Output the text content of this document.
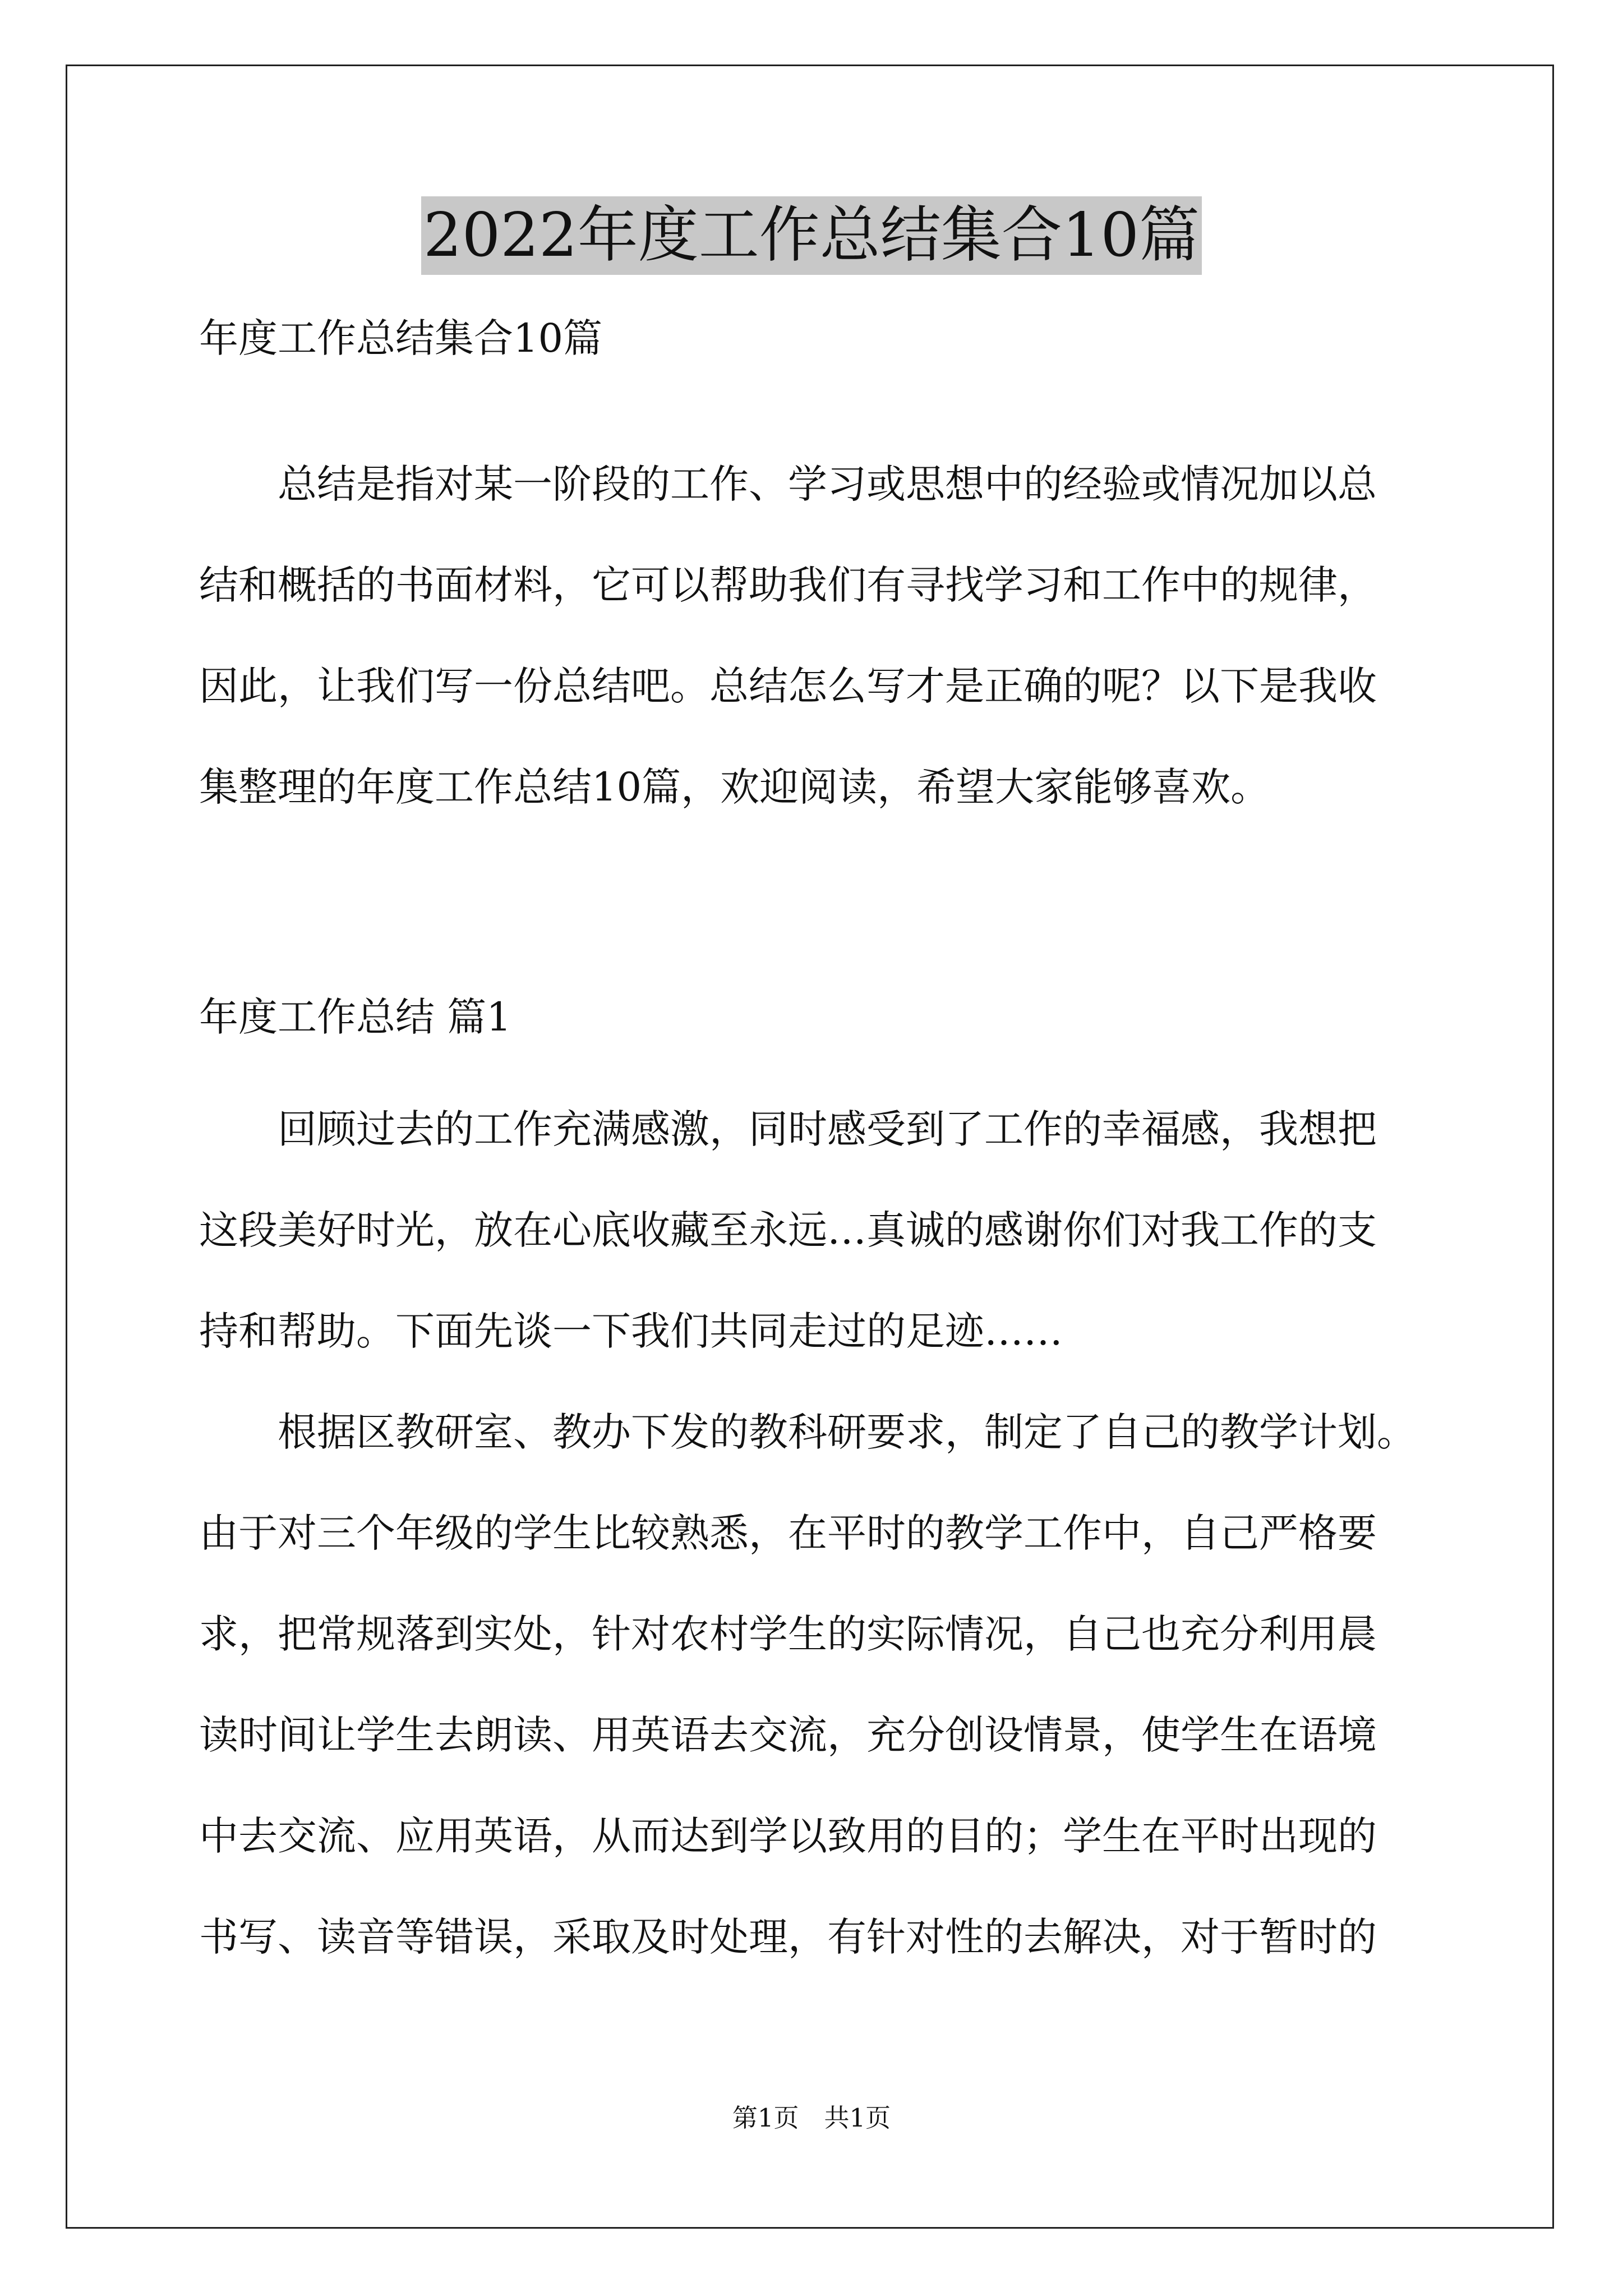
2022年度工作总结集合10篇
年度工作总结集合10篇
　　总结是指对某一阶段的工作、学习或思想中的经验或情况加以总
结和概括的书面材料，它可以帮助我们有寻找学习和工作中的规律，
因此，让我们写一份总结吧。总结怎么写才是正确的呢？以下是我收
集整理的年度工作总结10篇，欢迎阅读，希望大家能够喜欢。
年度工作总结 篇1
　　回顾过去的工作充满感激，同时感受到了工作的幸福感，我想把
这段美好时光，放在心底收藏至永远…真诚的感谢你们对我工作的支
持和帮助。下面先谈一下我们共同走过的足迹……
　　根据区教研室、教办下发的教科研要求，制定了自己的教学计划。
由于对三个年级的学生比较熟悉，在平时的教学工作中，自己严格要
求，把常规落到实处，针对农村学生的实际情况，自己也充分利用晨
读时间让学生去朗读、用英语去交流，充分创设情景，使学生在语境
中去交流、应用英语，从而达到学以致用的目的；学生在平时出现的
书写、读音等错误，采取及时处理，有针对性的去解决，对于暂时的
第1页　共1页
